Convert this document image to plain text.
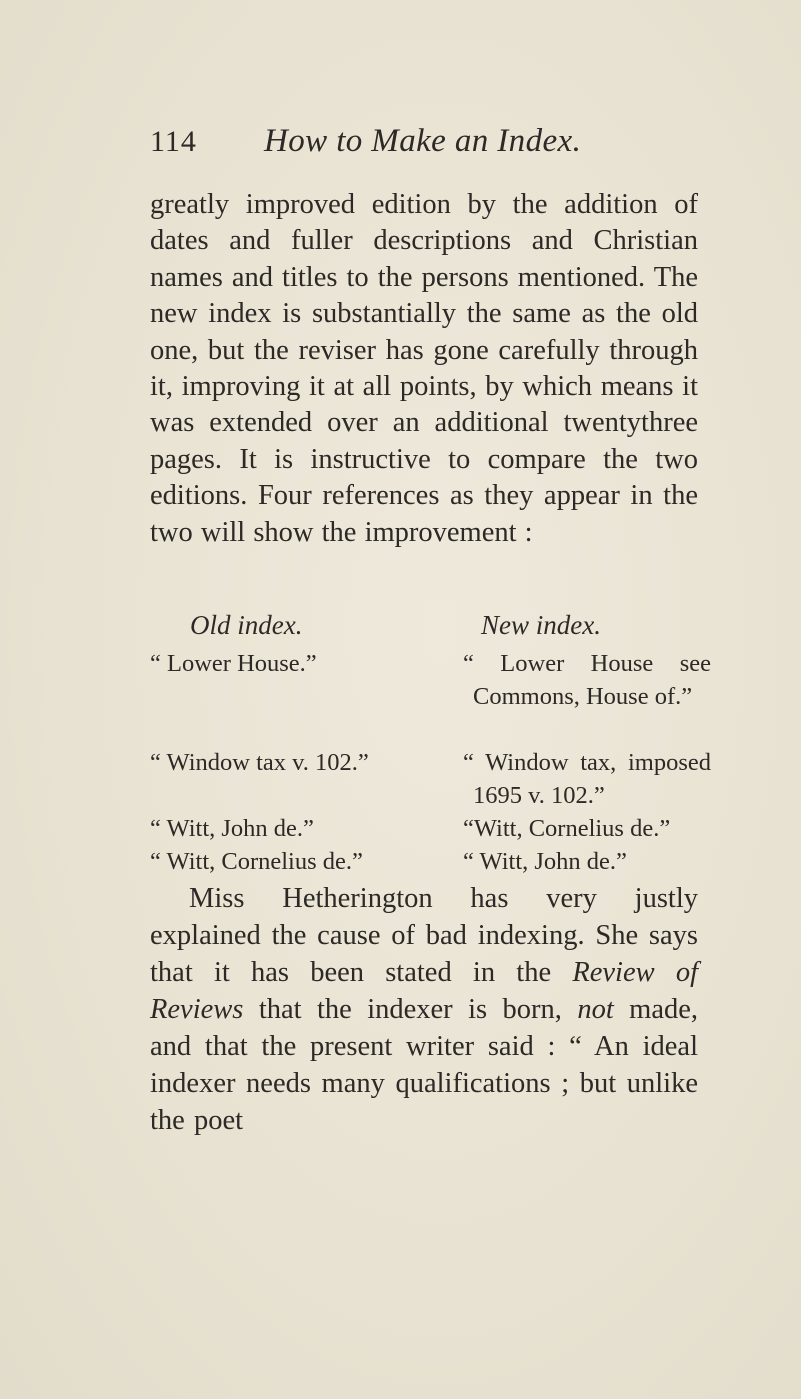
114 How to Make an Index.

greatly improved edition by the addition of dates and fuller descriptions and Christian names and titles to the persons mentioned. The new index is substantially the same as the old one, but the reviser has gone carefully through it, improving it at all points, by which means it was extended over an additional twentythree pages. It is instructive to compare the two editions. Four references as they appear in the two will show the improvement :

Old index.	New index.
“ Lower House.”	“ Lower House see Commons, House of.”
“ Window tax v. 102.”	“ Window tax, imposed 1695 v. 102.”
“ Witt, John de.”	“Witt, Cornelius de.”
“ Witt, Cornelius de.”	“ Witt, John de.”

Miss Hetherington has very justly explained the cause of bad indexing. She says that it has been stated in the Review of Reviews that the indexer is born, not made, and that the present writer said : “ An ideal indexer needs many qualifications ; but unlike the poet
